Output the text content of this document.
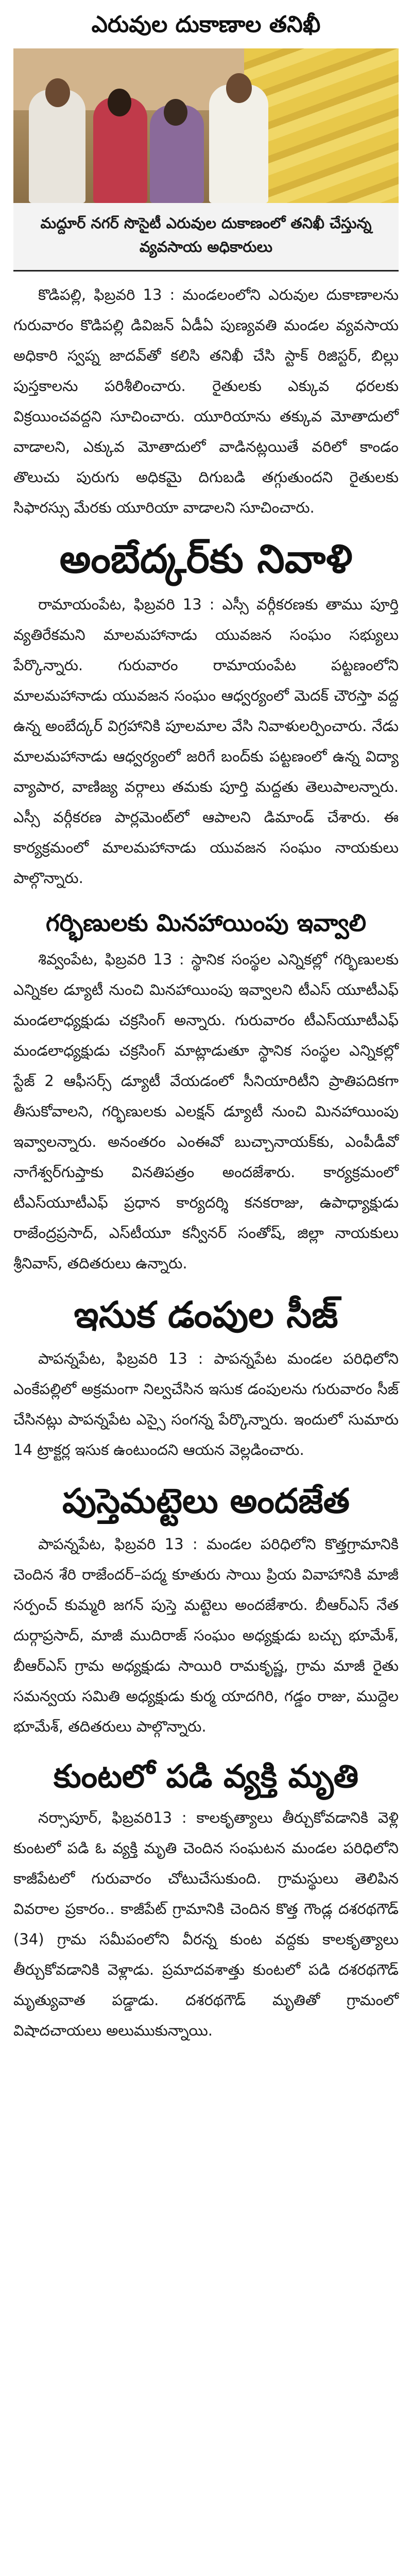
ఎరువుల దుకాణాల తనిఖీ
మద్దూర్ నగర్ సొసైటీ ఎరువుల దుకాణంలో తనిఖీ చేస్తున్న వ్యవసాయ అధికారులు

కొడిపల్లి, ఫిబ్రవరి 13 : మండలంలోని ఎరువుల దుకాణాలను గురువారం కొడిపల్లి డివిజన్ ఏడీఏ పుణ్యవతి మండల వ్యవసాయ అధికారి స్వప్న జాదవ్‌తో కలిసి తనిఖీ చేసి స్టాక్ రిజిస్టర్, బిల్లు పుస్తకాలను పరిశీలించారు. రైతులకు ఎక్కువ ధరలకు విక్రయించవద్దని సూచించారు. యూరియాను తక్కువ మోతాదులో వాడాలని, ఎక్కువ మోతాదులో వాడినట్లయితే వరిలో కాండం తొలుచు పురుగు అధికమై దిగుబడి తగ్గుతుందని రైతులకు సిఫారస్సు మేరకు యూరియా వాడాలని సూచించారు.

అంబేద్కర్‌కు నివాళి

రామాయంపేట, ఫిబ్రవరి 13 : ఎస్సీ వర్గీకరణకు తాము పూర్తి వ్యతిరేకమని మాలమహానాడు యువజన సంఘం సభ్యులు పేర్కొన్నారు. గురువారం రామాయంపేట పట్టణంలోని మాలమహానాడు యువజన సంఘం ఆధ్వర్యంలో మెదక్ చౌరస్తా వద్ద ఉన్న అంబేద్కర్ విగ్రహానికి పూలమాల వేసి నివాళులర్పించారు. నేడు మాలమహానాడు ఆధ్వర్యంలో జరిగే బంద్‌కు పట్టణంలో ఉన్న విద్యా వ్యాపార, వాణిజ్య వర్గాలు తమకు పూర్తి మద్దతు తెలుపాలన్నారు. ఎస్సీ వర్గీకరణ పార్లమెంట్‌లో ఆపాలని డిమాండ్ చేశారు. ఈ కార్యక్రమంలో మాలమహానాడు యువజన సంఘం నాయకులు పాల్గొన్నారు.

గర్భిణులకు మినహాయింపు ఇవ్వాలి

శివ్వంపేట, ఫిబ్రవరి 13 : స్థానిక సంస్థల ఎన్నికల్లో గర్భిణులకు ఎన్నికల డ్యూటీ నుంచి మినహాయింపు ఇవ్వాలని టీఎస్ యూటీఎఫ్ మండలాధ్యక్షుడు చక్రసింగ్ అన్నారు. గురువారం టీఎస్‌యూటీఎఫ్ మండలాధ్యక్షుడు చక్రసింగ్ మాట్లాడుతూ స్థానిక సంస్థల ఎన్నికల్లో స్టేజ్ 2 ఆఫీసర్స్ డ్యూటీ వేయడంలో సీనియారిటీని ప్రాతిపదికగా తీసుకోవాలని, గర్భిణులకు ఎలక్షన్ డ్యూటీ నుంచి మినహాయింపు ఇవ్వాలన్నారు. అనంతరం ఎంఈవో బుచ్చానాయక్‌కు, ఎంపీడీవో నాగేశ్వర్‌గుప్తాకు వినతిపత్రం అందజేశారు. కార్యక్రమంలో టీఎస్‌యూటీఎఫ్ ప్రధాన కార్యదర్శి కనకరాజు, ఉపాధ్యాక్షుడు రాజేంద్రప్రసాద్, ఎస్‌టీయూ కన్వీనర్ సంతోష్, జిల్లా నాయకులు శ్రీనివాస్, తదితరులు ఉన్నారు.

ఇసుక డంపుల సీజ్

పాపన్నపేట, ఫిబ్రవరి 13 : పాపన్నపేట మండల పరిధిలోని ఎంకేపల్లిలో అక్రమంగా నిల్వచేసిన ఇసుక డంపులను గురువారం సీజ్ చేసినట్లు పాపన్నపేట ఎస్సై సంగన్న పేర్కొన్నారు. ఇందులో సుమారు 14 ట్రాక్టర్ల ఇసుక ఉంటుందని ఆయన వెల్లడించారు.

పుస్తెమట్టెలు అందజేత

పాపన్నపేట, ఫిబ్రవరి 13 : మండల పరిధిలోని కొత్తగ్రామానికి చెందిన శేరి రాజేందర్–పద్మ కూతురు సాయి ప్రియ వివాహానికి మాజీ సర్పంచ్ కుమ్మరి జగన్ పుస్తె మట్టెలు అందజేశారు. బీఆర్‌ఎస్ నేత దుర్గాప్రసాద్, మాజీ ముదిరాజ్ సంఘం అధ్యక్షుడు బచ్చు భూమేశ్, బీఆర్‌ఎస్ గ్రామ అధ్యక్షుడు సాయిరి రామకృష్ణ, గ్రామ మాజీ రైతు సమన్వయ సమితి అధ్యక్షుడు కుర్మ యాదగిరి, గడ్డం రాజు, ముద్దెల భూమేశ్, తదితరులు పాల్గొన్నారు.

కుంటలో పడి వ్యక్తి మృతి

నర్సాపూర్, ఫిబ్రవరి13 : కాలకృత్యాలు తీర్చుకోవడానికి వెళ్లి కుంటలో పడి ఓ వ్యక్తి మృతి చెందిన సంఘటన మండల పరిధిలోని కాజీపేటలో గురువారం చోటుచేసుకుంది. గ్రామస్థులు తెలిపిన వివరాల ప్రకారం.. కాజీపేట్ గ్రామానికి చెందిన కొత్త గౌండ్ల దశరథగౌడ్ (34) గ్రామ సమీపంలోని వీరన్న కుంట వద్దకు కాలకృత్యాలు తీర్చుకోవడానికి వెళ్లాడు. ప్రమాదవశాత్తు కుంటలో పడి దశరథగౌడ్ మృత్యువాత పడ్డాడు. దశరథగౌడ్ మృతితో గ్రామంలో విషాదచాయలు అలుముకున్నాయి.
